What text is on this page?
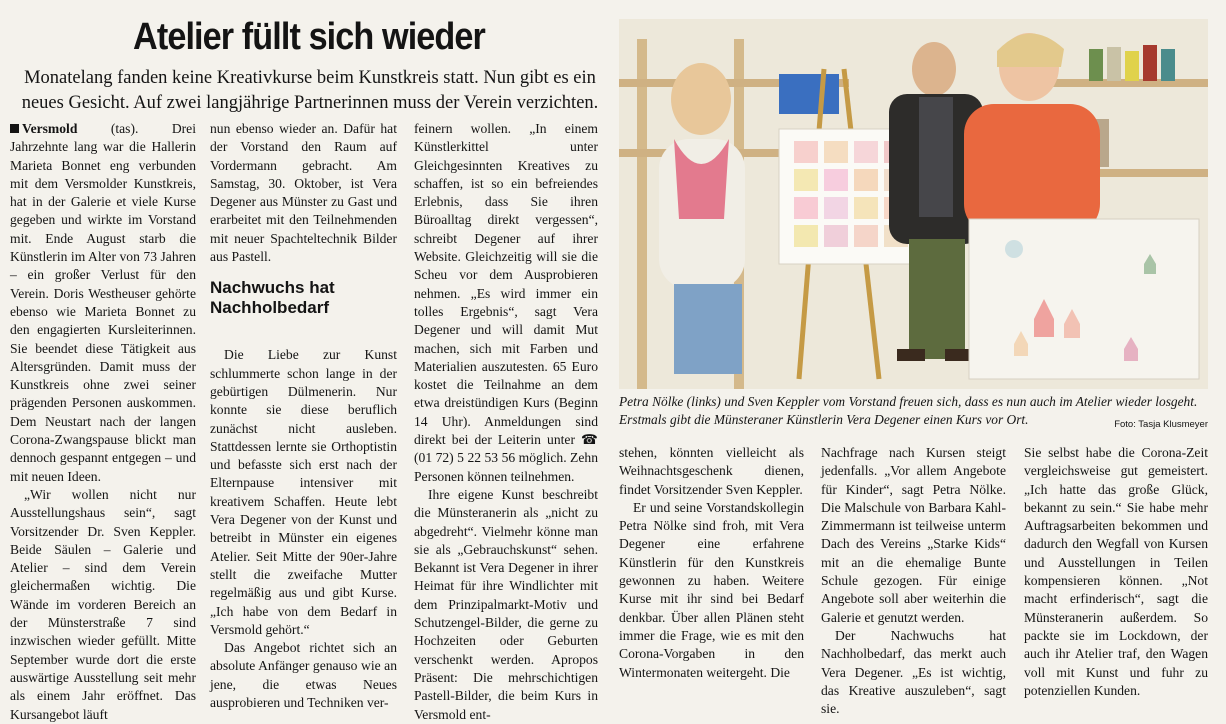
Atelier füllt sich wieder

Monatelang fanden keine Kreativkurse beim Kunstkreis statt. Nun gibt es ein neues Gesicht. Auf zwei langjährige Partnerinnen muss der Verein verzichten.

Versmold (tas). Drei Jahrzehnte lang war die Hallerin Marieta Bonnet eng verbunden mit dem Versmolder Kunstkreis, hat in der Galerie et viele Kurse gegeben und wirkte im Vorstand mit. Ende August starb die Künstlerin im Alter von 73 Jahren – ein großer Verlust für den Verein. Doris Westheuser gehörte ebenso wie Marieta Bonnet zu den engagierten Kursleiterinnen. Sie beendet diese Tätigkeit aus Altersgründen. Damit muss der Kunstkreis ohne zwei seiner prägenden Personen auskommen. Dem Neustart nach der langen Corona-Zwangspause blickt man dennoch gespannt entgegen – und mit neuen Ideen.

„Wir wollen nicht nur Ausstellungshaus sein“, sagt Vorsitzender Dr. Sven Keppler. Beide Säulen – Galerie und Atelier – sind dem Verein gleichermaßen wichtig. Die Wände im vorderen Bereich an der Münsterstraße 7 sind inzwischen wieder gefüllt. Mitte September wurde dort die erste auswärtige Ausstellung seit mehr als einem Jahr eröffnet. Das Kursangebot läuft

nun ebenso wieder an. Dafür hat der Vorstand den Raum auf Vordermann gebracht. Am Samstag, 30. Oktober, ist Vera Degener aus Münster zu Gast und erarbeitet mit den Teilnehmenden mit neuer Spachteltechnik Bilder aus Pastell.

Nachwuchs hat Nachholbedarf

Die Liebe zur Kunst schlummerte schon lange in der gebürtigen Dülmenerin. Nur konnte sie diese beruflich zunächst nicht ausleben. Stattdessen lernte sie Orthoptistin und befasste sich erst nach der Elternpause intensiver mit kreativem Schaffen. Heute lebt Vera Degener von der Kunst und betreibt in Münster ein eigenes Atelier. Seit Mitte der 90er-Jahre stellt die zweifache Mutter regelmäßig aus und gibt Kurse. „Ich habe von dem Bedarf in Versmold gehört.“

Das Angebot richtet sich an absolute Anfänger genauso wie an jene, die etwas Neues ausprobieren und Techniken ver-

feinern wollen. „In einem Künstlerkittel unter Gleichgesinnten Kreatives zu schaffen, ist so ein befreiendes Erlebnis, dass Sie ihren Büroalltag direkt vergessen“, schreibt Degener auf ihrer Website. Gleichzeitig will sie die Scheu vor dem Ausprobieren nehmen. „Es wird immer ein tolles Ergebnis“, sagt Vera Degener und will damit Mut machen, sich mit Farben und Materialien auszutesten. 65 Euro kostet die Teilnahme an dem etwa dreistündigen Kurs (Beginn 14 Uhr). Anmeldungen sind direkt bei der Leiterin unter ☎ (01 72) 5 22 53 56 möglich. Zehn Personen können teilnehmen.

Ihre eigene Kunst beschreibt die Münsteranerin als „nicht zu abgedreht“. Vielmehr könne man sie als „Gebrauchskunst“ sehen. Bekannt ist Vera Degener in ihrer Heimat für ihre Windlichter mit dem Prinzipalmarkt-Motiv und Schutzengel-Bilder, die gerne zu Hochzeiten oder Geburten verschenkt werden. Apropos Präsent: Die mehrschichtigen Pastell-Bilder, die beim Kurs in Versmold ent-

Petra Nölke (links) und Sven Keppler vom Vorstand freuen sich, dass es nun auch im Atelier wieder losgeht. Erstmals gibt die Münsteraner Künstlerin Vera Degener einen Kurs vor Ort.	Foto: Tasja Klusmeyer

stehen, könnten vielleicht als Weihnachtsgeschenk dienen, findet Vorsitzender Sven Keppler.

Er und seine Vorstandskollegin Petra Nölke sind froh, mit Vera Degener eine erfahrene Künstlerin für den Kunstkreis gewonnen zu haben. Weitere Kurse mit ihr sind bei Bedarf denkbar. Über allen Plänen steht immer die Frage, wie es mit den Corona-Vorgaben in den Wintermonaten weitergeht. Die

Nachfrage nach Kursen steigt jedenfalls. „Vor allem Angebote für Kinder“, sagt Petra Nölke. Die Malschule von Barbara Kahl-Zimmermann ist teilweise unterm Dach des Vereins „Starke Kids“ mit an die ehemalige Bunte Schule gezogen. Für einige Angebote soll aber weiterhin die Galerie et genutzt werden.

Der Nachwuchs hat Nachholbedarf, das merkt auch Vera Degener. „Es ist wichtig, das Kreative auszuleben“, sagt sie.

Sie selbst habe die Corona-Zeit vergleichsweise gut gemeistert. „Ich hatte das große Glück, bekannt zu sein.“ Sie habe mehr Auftragsarbeiten bekommen und dadurch den Wegfall von Kursen und Ausstellungen in Teilen kompensieren können. „Not macht erfinderisch“, sagt die Münsteranerin außerdem. So packte sie im Lockdown, der auch ihr Atelier traf, den Wagen voll mit Kunst und fuhr zu potenziellen Kunden.
